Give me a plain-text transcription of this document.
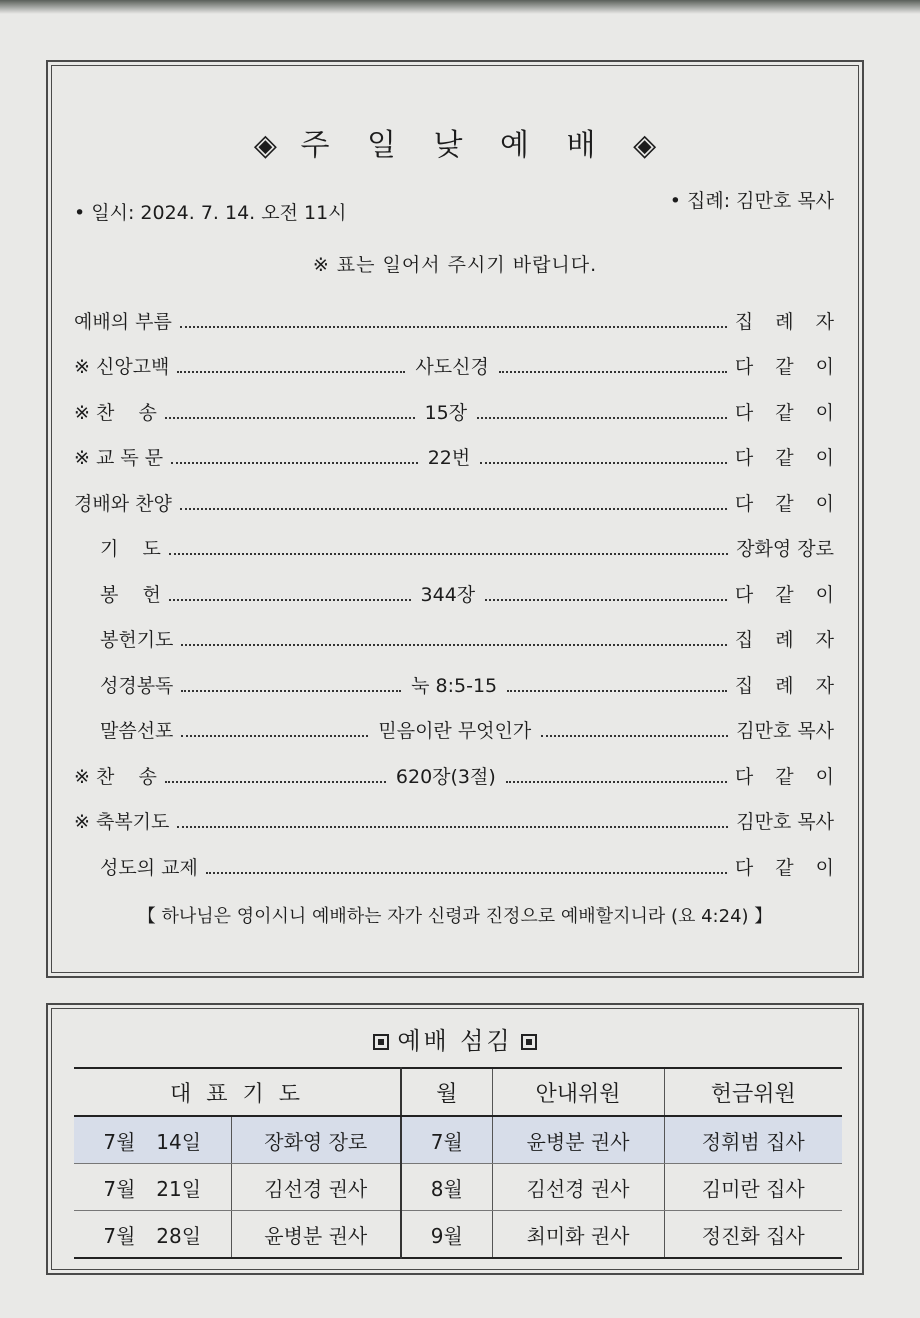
◈ 주 일 낮 예 배 ◈
• 일시: 2024. 7. 14. 오전 11시
• 집례: 김만호 목사
※ 표는 일어서 주시기 바랍니다.
예배의 부름	집 례 자
※ 신앙고백	사도신경	다 같 이
※ 찬    송	15장	다 같 이
※ 교 독 문	22번	다 같 이
경배와 찬양	다 같 이
기    도	장화영 장로
봉    헌	344장	다 같 이
봉헌기도	집 례 자
성경봉독	눅 8:5-15	집 례 자
말씀선포	믿음이란 무엇인가	김만호 목사
※ 찬    송	620장(3절)	다 같 이
※ 축복기도	김만호 목사
성도의 교제	다 같 이
【 하나님은 영이시니 예배하는 자가 신령과 진정으로 예배할지니라 (요 4:24) 】
예배 섬김
대 표 기 도		월	안내위원	헌금위원

7월 14일	장화영 장로	7월	윤병분 권사	정휘범 집사

7월 21일	김선경 권사	8월	김선경 권사	김미란 집사

7월 28일	윤병분 권사	9월	최미화 권사	정진화 집사
